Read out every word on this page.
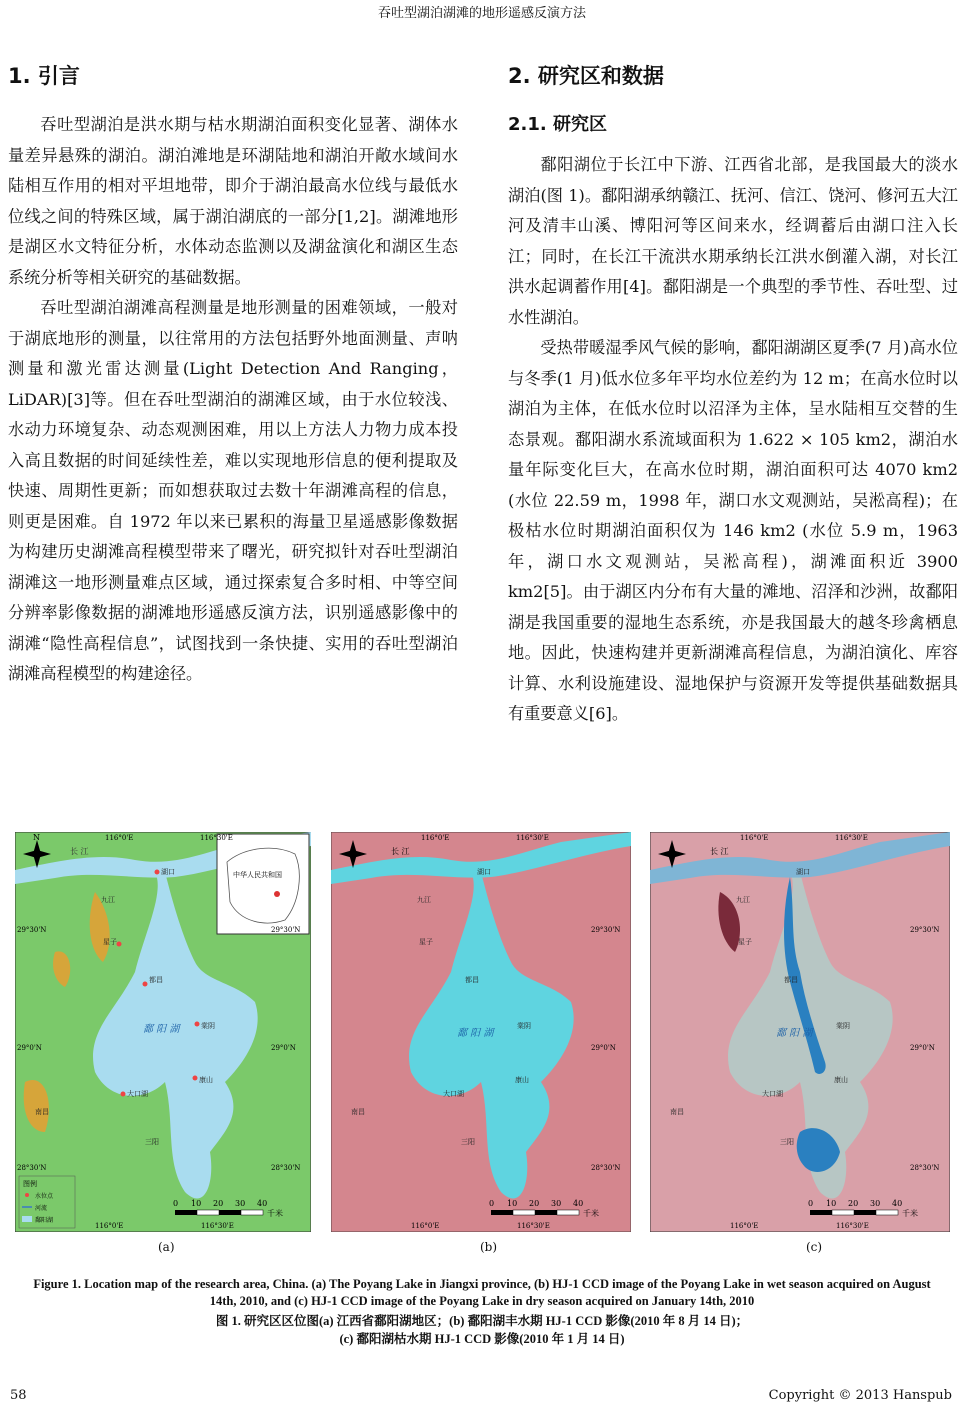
吞吐型湖泊湖滩的地形遥感反演方法
1. 引言

吞吐型湖泊是洪水期与枯水期湖泊面积变化显著、湖体水量差异悬殊的湖泊。湖泊滩地是环湖陆地和湖泊开敞水域间水陆相互作用的相对平坦地带，即介于湖泊最高水位线与最低水位线之间的特殊区域，属于湖泊湖底的一部分[1,2]。湖滩地形是湖区水文特征分析，水体动态监测以及湖盆演化和湖区生态系统分析等相关研究的基础数据。

吞吐型湖泊湖滩高程测量是地形测量的困难领域，一般对于湖底地形的测量，以往常用的方法包括野外地面测量、声呐测量和激光雷达测量(Light Detection And Ranging，LiDAR)[3]等。但在吞吐型湖泊的湖滩区域，由于水位较浅、水动力环境复杂、动态观测困难，用以上方法人力物力成本投入高且数据的时间延续性差，难以实现地形信息的便利提取及快速、周期性更新；而如想获取过去数十年湖滩高程的信息，则更是困难。自 1972 年以来已累积的海量卫星遥感影像数据为构建历史湖滩高程模型带来了曙光，研究拟针对吞吐型湖泊湖滩这一地形测量难点区域，通过探索复合多时相、中等空间分辨率影像数据的湖滩地形遥感反演方法，识别遥感影像中的湖滩“隐性高程信息”，试图找到一条快捷、实用的吞吐型湖泊湖滩高程模型的构建途径。

2. 研究区和数据
2.1. 研究区

鄱阳湖位于长江中下游、江西省北部，是我国最大的淡水湖泊(图 1)。鄱阳湖承纳赣江、抚河、信江、饶河、修河五大江河及清丰山溪、博阳河等区间来水，经调蓄后由湖口注入长江；同时，在长江干流洪水期承纳长江洪水倒灌入湖，对长江洪水起调蓄作用[4]。鄱阳湖是一个典型的季节性、吞吐型、过水性湖泊。

受热带暖湿季风气候的影响，鄱阳湖湖区夏季(7 月)高水位与冬季(1 月)低水位多年平均水位差约为 12 m；在高水位时以湖泊为主体，在低水位时以沼泽为主体，呈水陆相互交替的生态景观。鄱阳湖水系流域面积为 1.622 × 105 km2，湖泊水量年际变化巨大，在高水位时期，湖泊面积可达 4070 km2 (水位 22.59 m，1998 年，湖口水文观测站，吴淞高程)；在极枯水位时期湖泊面积仅为 146 km2 (水位 5.9 m，1963 年，湖口水文观测站，吴淞高程)，湖滩面积近 3900 km2[5]。由于湖区内分布有大量的滩地、沼泽和沙洲，故鄱阳湖是我国重要的湿地生态系统，亦是我国最大的越冬珍禽栖息地。因此，快速构建并更新湖滩高程信息，为湖泊演化、库容计算、水利设施建设、湿地保护与资源开发等提供基础数据具有重要意义[6]。

中华人民共和国
N
长 江
116°0'E	116°30'E
29°30'N
29°0'N
28°30'N
29°30'N
29°0'N
28°30'N
湖口
九江
星子
都昌
棠阴
康山
大口湖
南昌
三阳
鄱 阳 湖
图例
水位点
河流
鄱阳湖
0 10 20 30 40
千米
116°0'E	116°30'E
长 江
116°0'E	116°30'E
29°30'N
29°0'N
28°30'N
湖口
九江
星子
都昌
棠阴
康山
大口湖
南昌
三阳
鄱 阳 湖
0 10 20 30 40
千米
116°0'E	116°30'E
长 江
116°0'E	116°30'E
29°30'N
29°0'N
28°30'N
湖口
九江
星子
都昌
棠阴
康山
大口湖
南昌
三阳
鄱 阳 湖
0 10 20 30 40
千米
116°0'E	116°30'E
(a)	(b)	(c)
Figure 1. Location map of the research area, China. (a) The Poyang Lake in Jiangxi province, (b) HJ-1 CCD image of the Poyang Lake in wet season acquired on August 14th, 2010, and (c) HJ-1 CCD image of the Poyang Lake in dry season acquired on January 14th, 2010
图 1. 研究区区位图(a) 江西省鄱阳湖地区；(b) 鄱阳湖丰水期 HJ-1 CCD 影像(2010 年 8 月 14 日)；
(c) 鄱阳湖枯水期 HJ-1 CCD 影像(2010 年 1 月 14 日)
58	Copyright © 2013 Hanspub
